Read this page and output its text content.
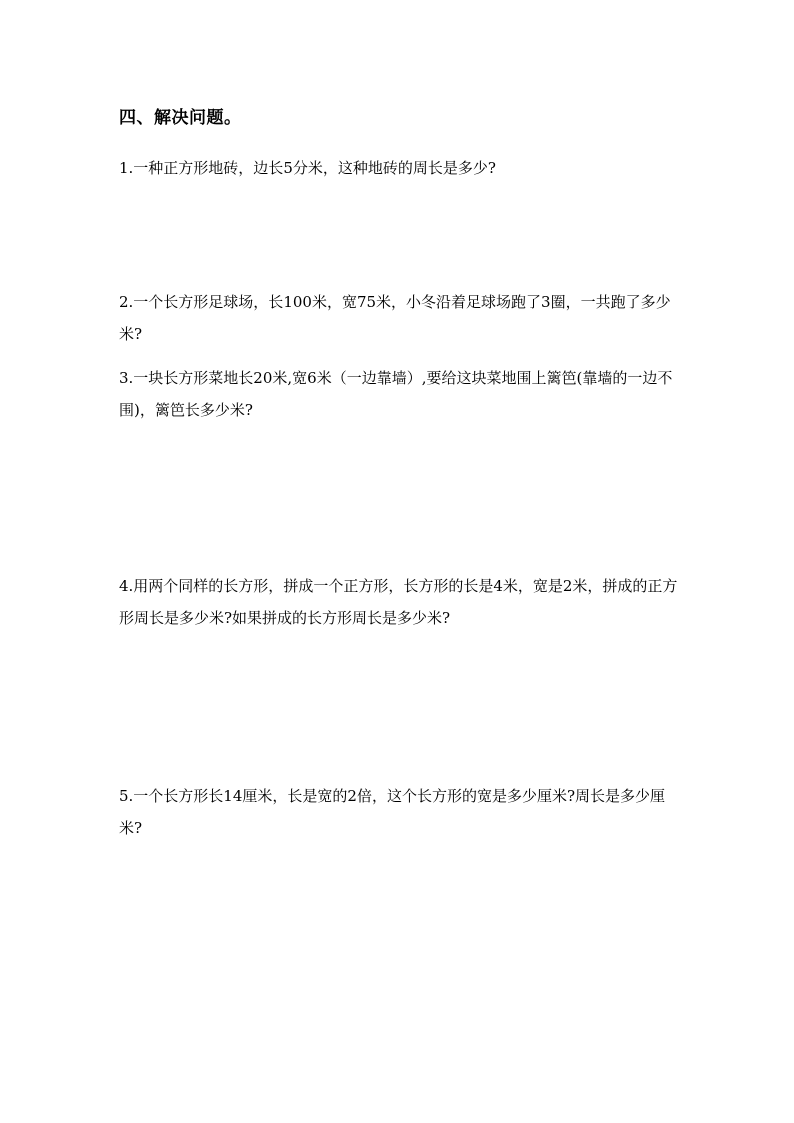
四、解决问题。

1.一种正方形地砖，边长5分米，这种地砖的周长是多少?

2.一个长方形足球场，长100米，宽75米，小冬沿着足球场跑了3圈，一共跑了多少米?

3.一块长方形菜地长20米,宽6米（一边靠墙）,要给这块菜地围上篱笆(靠墙的一边不围)，篱笆长多少米?

4.用两个同样的长方形，拼成一个正方形，长方形的长是4米，宽是2米，拼成的正方形周长是多少米?如果拼成的长方形周长是多少米?

5.一个长方形长14厘米，长是宽的2倍，这个长方形的宽是多少厘米?周长是多少厘米?
